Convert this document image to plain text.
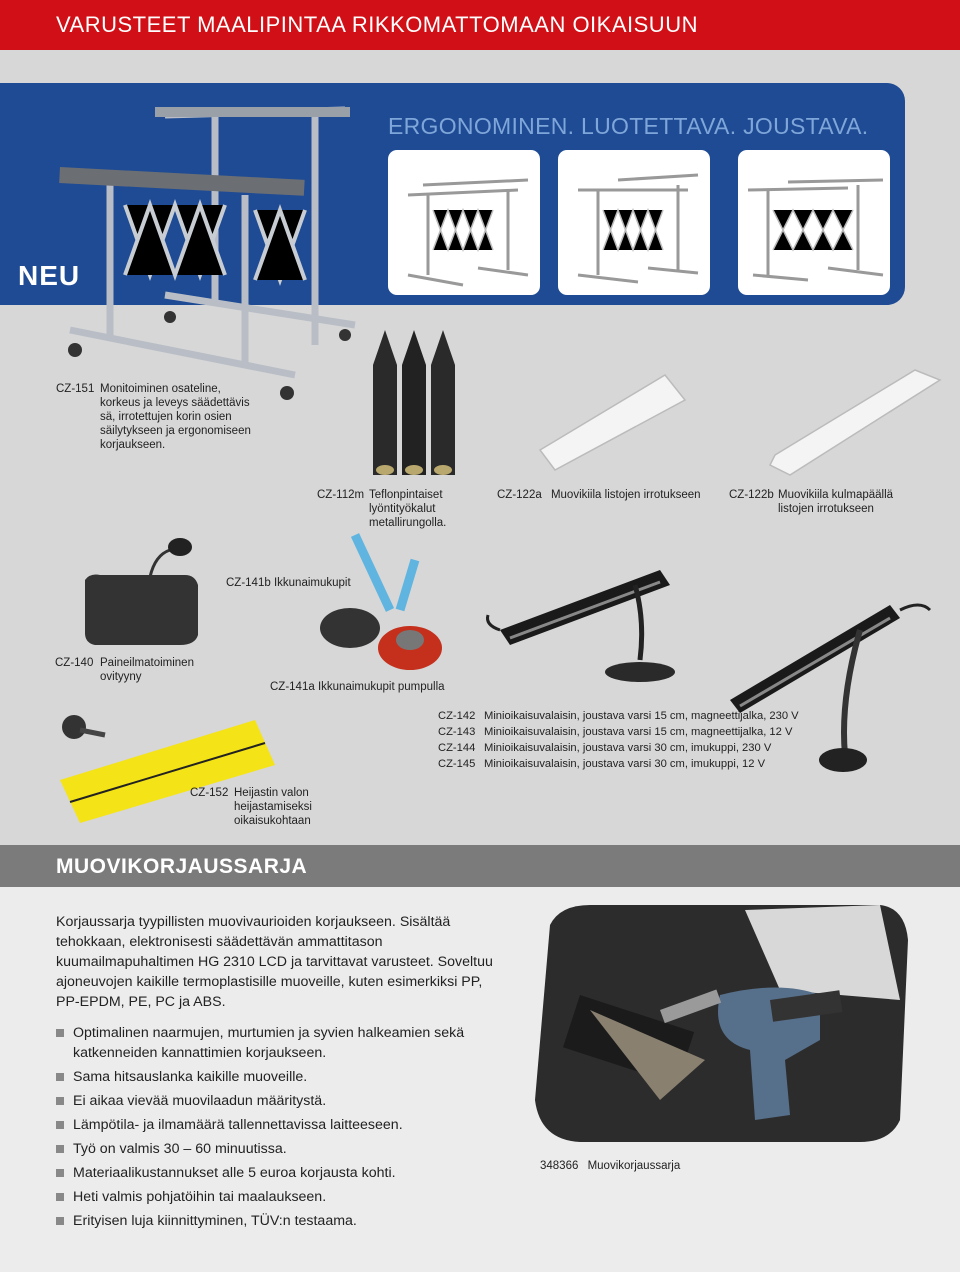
VARUSTEET MAALIPINTAA RIKKOMATTOMAAN OIKAISUUN
ERGONOMINEN. LUOTETTAVA. JOUSTAVA.
NEU
CZ-151 Monitoiminen osateline, korkeus ja leveys säädettävis sä, irrotettujen korin osien säilytykseen ja ergonomiseen korjaukseen.
CZ-112m Teflonpintaiset lyöntityökalut metallirungolla.
CZ-122a Muovikiila listojen irrotukseen	CZ-122b Muovikiila kulmapäällä listojen irrotukseen
CZ-141b Ikkunaimukupit
CZ-140 Paineilmatoiminen ovityyny
CZ-141a Ikkunaimukupit pumpulla
CZ-142 Minioikaisuvalaisin, joustava varsi 15 cm, magneettijalka, 230 V
CZ-143 Minioikaisuvalaisin, joustava varsi 15 cm, magneettijalka, 12 V
CZ-144 Minioikaisuvalaisin, joustava varsi 30 cm, imukuppi, 230 V
CZ-145 Minioikaisuvalaisin, joustava varsi 30 cm, imukuppi, 12 V
CZ-152 Heijastin valon heijastamiseksi oikaisukohtaan
MUOVIKORJAUSSARJA
Korjaussarja tyypillisten muovivaurioiden korjaukseen. Sisältää tehokkaan, elektronisesti säädettävän ammattitason kuumailmapuhaltimen HG 2310 LCD ja tarvittavat varusteet. Soveltuu ajoneuvojen kaikille termoplastisille muoveille, kuten esimerkiksi PP, PP-EPDM, PE, PC ja ABS.
Optimalinen naarmujen, murtumien ja syvien halkeamien sekä katkenneiden kannattimien korjaukseen.
Sama hitsauslanka kaikille muoveille.
Ei aikaa vievää muovilaadun määritystä.
Lämpötila- ja ilmamäärä tallennettavissa laitteeseen.
Työ on valmis 30 – 60 minuutissa.
Materiaalikustannukset alle 5 euroa korjausta kohti.
Heti valmis pohjatöihin tai maalaukseen.
Erityisen luja kiinnittyminen, TÜV:n testaama.
348366 Muovikorjaussarja
